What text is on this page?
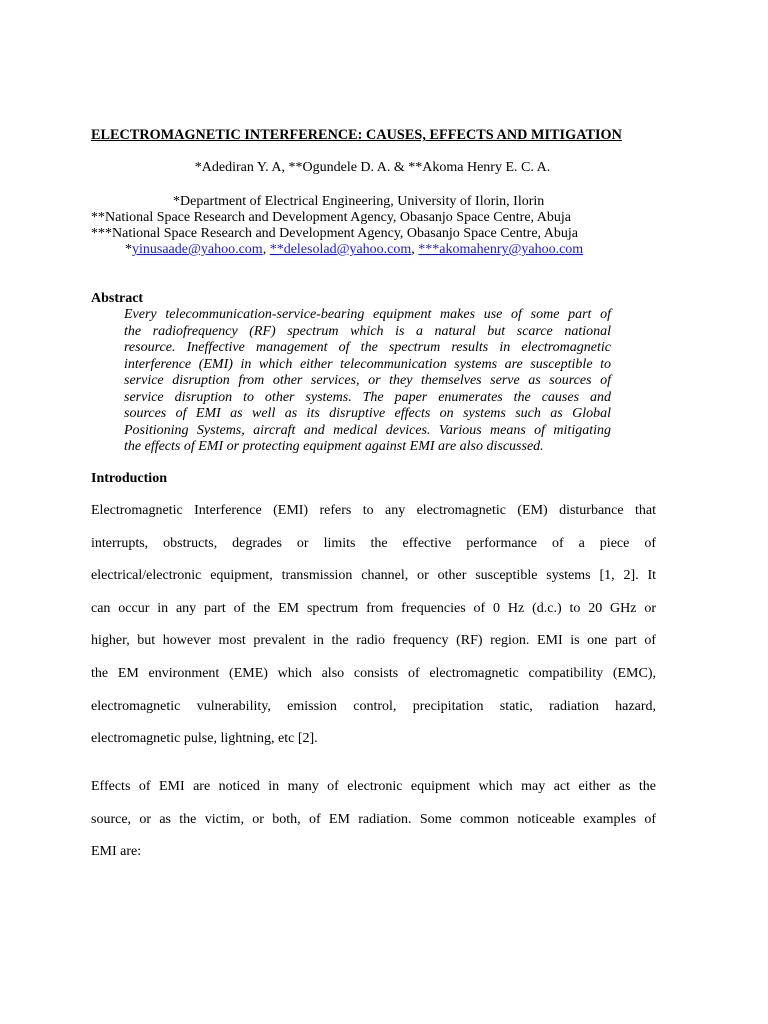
ELECTROMAGNETIC INTERFERENCE: CAUSES, EFFECTS AND MITIGATION
*Adediran Y. A, **Ogundele D. A. & **Akoma Henry E. C. A.
*Department of Electrical Engineering, University of Ilorin, Ilorin
**National Space Research and Development Agency, Obasanjo Space Centre, Abuja
***National Space Research and Development Agency, Obasanjo Space Centre, Abuja
*yinusaade@yahoo.com, **delesolad@yahoo.com, ***akomahenry@yahoo.com
Abstract
Every telecommunication-service-bearing equipment makes use of some part of
the radiofrequency (RF) spectrum which is a natural but scarce national
resource. Ineffective management of the spectrum results in electromagnetic
interference (EMI) in which either telecommunication systems are susceptible to
service disruption from other services, or they themselves serve as sources of
service disruption to other systems. The paper enumerates the causes and
sources of EMI as well as its disruptive effects on systems such as Global
Positioning Systems, aircraft and medical devices. Various means of mitigating
the effects of EMI or protecting equipment against EMI are also discussed.
Introduction
Electromagnetic Interference (EMI) refers to any electromagnetic (EM) disturbance that
interrupts, obstructs, degrades or limits the effective performance of a piece of
electrical/electronic equipment, transmission channel, or other susceptible systems [1, 2]. It
can occur in any part of the EM spectrum from frequencies of 0 Hz (d.c.) to 20 GHz or
higher, but however most prevalent in the radio frequency (RF) region. EMI is one part of
the EM environment (EME) which also consists of electromagnetic compatibility (EMC),
electromagnetic vulnerability, emission control, precipitation static, radiation hazard,
electromagnetic pulse, lightning, etc [2].
Effects of EMI are noticed in many of electronic equipment which may act either as the
source, or as the victim, or both, of EM radiation. Some common noticeable examples of
EMI are:
